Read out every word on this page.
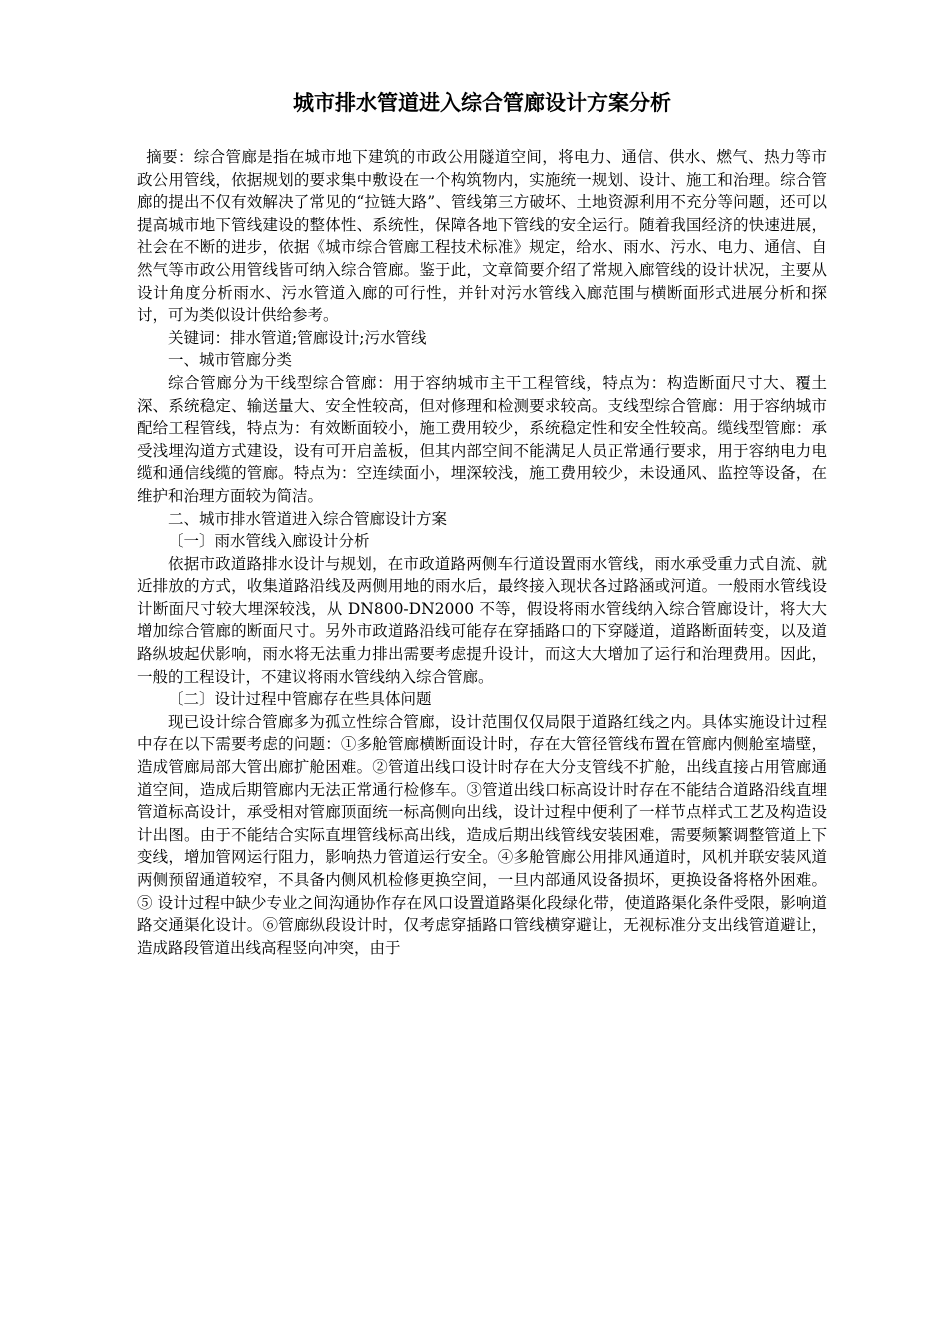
城市排水管道进入综合管廊设计方案分析

摘要：综合管廊是指在城市地下建筑的市政公用隧道空间，将电力、通信、供水、燃气、热力等市政公用管线，依据规划的要求集中敷设在一个构筑物内，实施统一规划、设计、施工和治理。综合管廊的提出不仅有效解决了常见的“拉链大路”、管线第三方破坏、土地资源利用不充分等问题，还可以提高城市地下管线建设的整体性、系统性，保障各地下管线的安全运行。随着我国经济的快速进展，社会在不断的进步，依据《城市综合管廊工程技术标准》规定，给水、雨水、污水、电力、通信、自然气等市政公用管线皆可纳入综合管廊。鉴于此，文章简要介绍了常规入廊管线的设计状况，主要从设计角度分析雨水、污水管道入廊的可行性，并针对污水管线入廊范围与横断面形式进展分析和探讨，可为类似设计供给参考。

关键词：排水管道;管廊设计;污水管线

一、城市管廊分类

综合管廊分为干线型综合管廊：用于容纳城市主干工程管线，特点为：构造断面尺寸大、覆土深、系统稳定、输送量大、安全性较高，但对修理和检测要求较高。支线型综合管廊：用于容纳城市配给工程管线，特点为：有效断面较小，施工费用较少，系统稳定性和安全性较高。缆线型管廊：承受浅埋沟道方式建设，设有可开启盖板，但其内部空间不能满足人员正常通行要求，用于容纳电力电缆和通信线缆的管廊。特点为：空连续面小，埋深较浅，施工费用较少，未设通风、监控等设备，在维护和治理方面较为简洁。

二、城市排水管道进入综合管廊设计方案

〔一〕雨水管线入廊设计分析

依据市政道路排水设计与规划，在市政道路两侧车行道设置雨水管线，雨水承受重力式自流、就近排放的方式，收集道路沿线及两侧用地的雨水后，最终接入现状各过路涵或河道。一般雨水管线设计断面尺寸较大埋深较浅，从 DN800-DN2000 不等，假设将雨水管线纳入综合管廊设计，将大大增加综合管廊的断面尺寸。另外市政道路沿线可能存在穿插路口的下穿隧道，道路断面转变，以及道路纵坡起伏影响，雨水将无法重力排出需要考虑提升设计，而这大大增加了运行和治理费用。因此，一般的工程设计，不建议将雨水管线纳入综合管廊。

〔二〕设计过程中管廊存在些具体问题

现已设计综合管廊多为孤立性综合管廊，设计范围仅仅局限于道路红线之内。具体实施设计过程中存在以下需要考虑的问题：①多舱管廊横断面设计时，存在大管径管线布置在管廊内侧舱室墙壁，造成管廊局部大管出廊扩舱困难。②管道出线口设计时存在大分支管线不扩舱，出线直接占用管廊通道空间，造成后期管廊内无法正常通行检修车。③管道出线口标高设计时存在不能结合道路沿线直埋管道标高设计，承受相对管廊顶面统一标高侧向出线，设计过程中便利了一样节点样式工艺及构造设计出图。由于不能结合实际直埋管线标高出线，造成后期出线管线安装困难，需要频繁调整管道上下变线，增加管网运行阻力，影响热力管道运行安全。④多舱管廊公用排风通道时，风机并联安装风道两侧预留通道较窄，不具备内侧风机检修更换空间，一旦内部通风设备损坏，更换设备将格外困难。⑤ 设计过程中缺少专业之间沟通协作存在风口设置道路渠化段绿化带，使道路渠化条件受限，影响道路交通渠化设计。⑥管廊纵段设计时，仅考虑穿插路口管线横穿避让，无视标准分支出线管道避让，造成路段管道出线高程竖向冲突，由于
